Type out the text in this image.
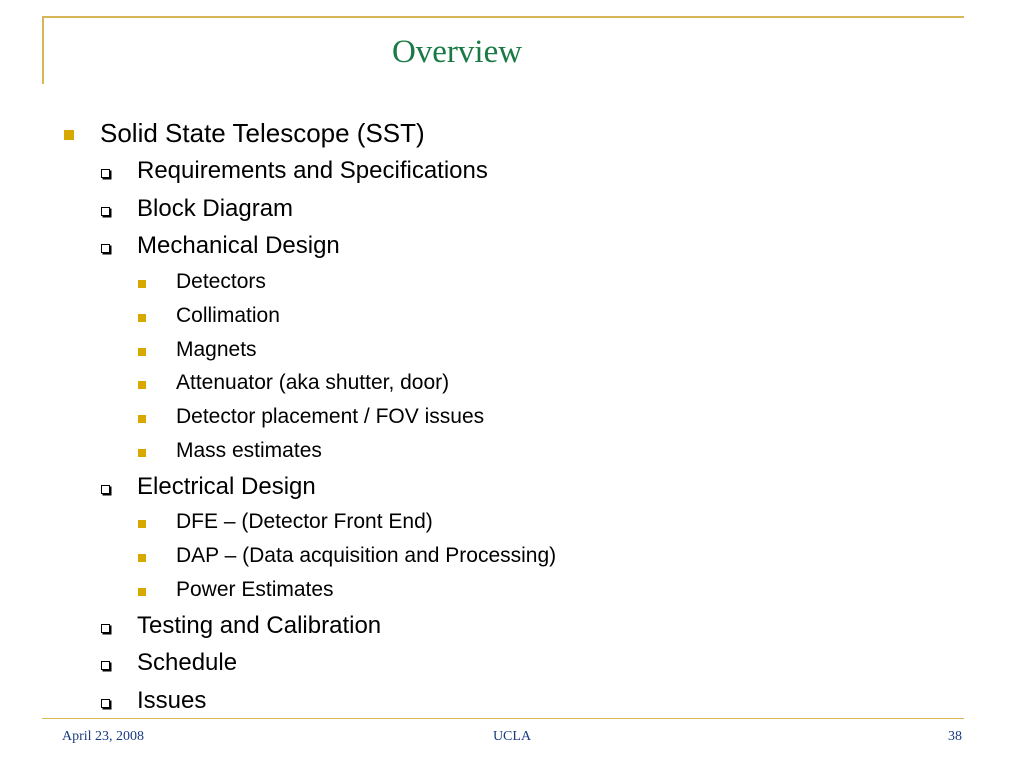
Overview
Solid State Telescope (SST)
Requirements and Specifications
Block Diagram
Mechanical Design
Detectors
Collimation
Magnets
Attenuator (aka shutter, door)
Detector placement / FOV issues
Mass estimates
Electrical Design
DFE – (Detector Front End)
DAP – (Data acquisition and Processing)
Power Estimates
Testing and Calibration
Schedule
Issues
April 23, 2008	UCLA	38
